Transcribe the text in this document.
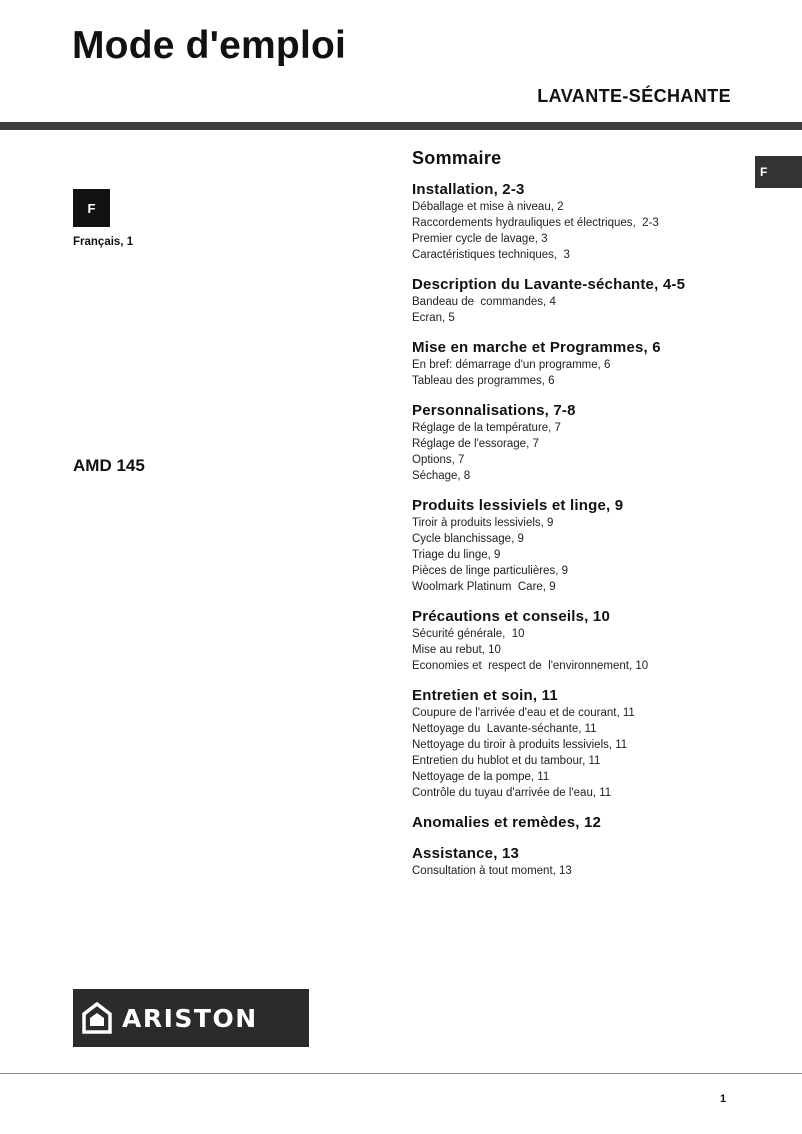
Mode d'emploi
LAVANTE-SÉCHANTE
F
Français, 1
F
AMD 145
Sommaire
Installation, 2-3
Déballage et mise à niveau, 2
Raccordements hydrauliques et électriques,  2-3
Premier cycle de lavage, 3
Caractéristiques techniques,  3
Description du Lavante-séchante, 4-5
Bandeau de  commandes, 4
Ecran, 5
Mise en marche et Programmes, 6
En bref: démarrage d'un programme, 6
Tableau des programmes, 6
Personnalisations, 7-8
Réglage de la température, 7
Réglage de l'essorage, 7
Options, 7
Séchage, 8
Produits lessiviels et linge, 9
Tiroir à produits lessiviels, 9
Cycle blanchissage, 9
Triage du linge, 9
Pièces de linge particulières, 9
Woolmark Platinum  Care, 9
Précautions et conseils, 10
Sécurité générale,  10
Mise au rebut, 10
Economies et  respect de  l'environnement, 10
Entretien et soin, 11
Coupure de l'arrivée d'eau et de courant, 11
Nettoyage du  Lavante-séchante, 11
Nettoyage du tiroir à produits lessiviels, 11
Entretien du hublot et du tambour, 11
Nettoyage de la pompe, 11
Contrôle du tuyau d'arrivée de l'eau, 11
Anomalies et remèdes, 12
Assistance, 13
Consultation à tout moment, 13
ARISTON
1
